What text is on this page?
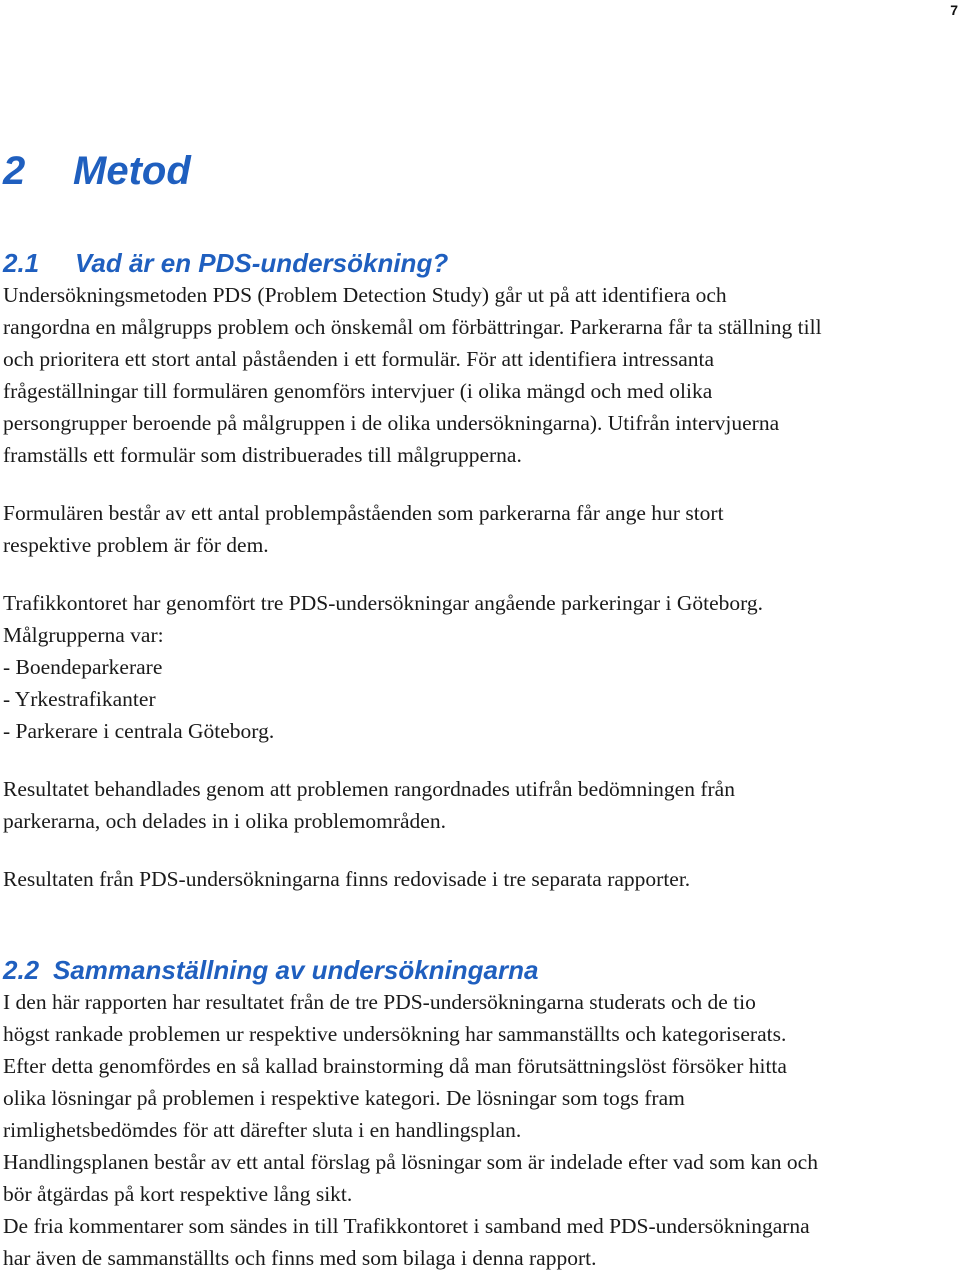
7
2 Metod
2.1 Vad är en PDS-undersökning?
Undersökningsmetoden PDS (Problem Detection Study) går ut på att identifiera och
rangordna en målgrupps problem och önskemål om förbättringar. Parkerarna får ta ställning till
och prioritera ett stort antal påståenden i ett formulär. För att identifiera intressanta
frågeställningar till formulären genomförs intervjuer (i olika mängd och med olika
persongrupper beroende på målgruppen i de olika undersökningarna). Utifrån intervjuerna
framställs ett formulär som distribuerades till målgrupperna.
Formulären består av ett antal problempåståenden som parkerarna får ange hur stort
respektive problem är för dem.
Trafikkontoret har genomfört tre PDS-undersökningar angående parkeringar i Göteborg.
Målgrupperna var:
- Boendeparkerare
- Yrkestrafikanter
- Parkerare i centrala Göteborg.
Resultatet behandlades genom att problemen rangordnades utifrån bedömningen från
parkerarna, och delades in i olika problemområden.
Resultaten från PDS-undersökningarna finns redovisade i tre separata rapporter.
2.2 Sammanställning av undersökningarna
I den här rapporten har resultatet från de tre PDS-undersökningarna studerats och de tio
högst rankade problemen ur respektive undersökning har sammanställts och kategoriserats.
Efter detta genomfördes en så kallad brainstorming då man förutsättningslöst försöker hitta
olika lösningar på problemen i respektive kategori. De lösningar som togs fram
rimlighetsbedömdes för att därefter sluta i en handlingsplan.
Handlingsplanen består av ett antal förslag på lösningar som är indelade efter vad som kan och
bör åtgärdas på kort respektive lång sikt.
De fria kommentarer som sändes in till Trafikkontoret i samband med PDS-undersökningarna
har även de sammanställts och finns med som bilaga i denna rapport.
